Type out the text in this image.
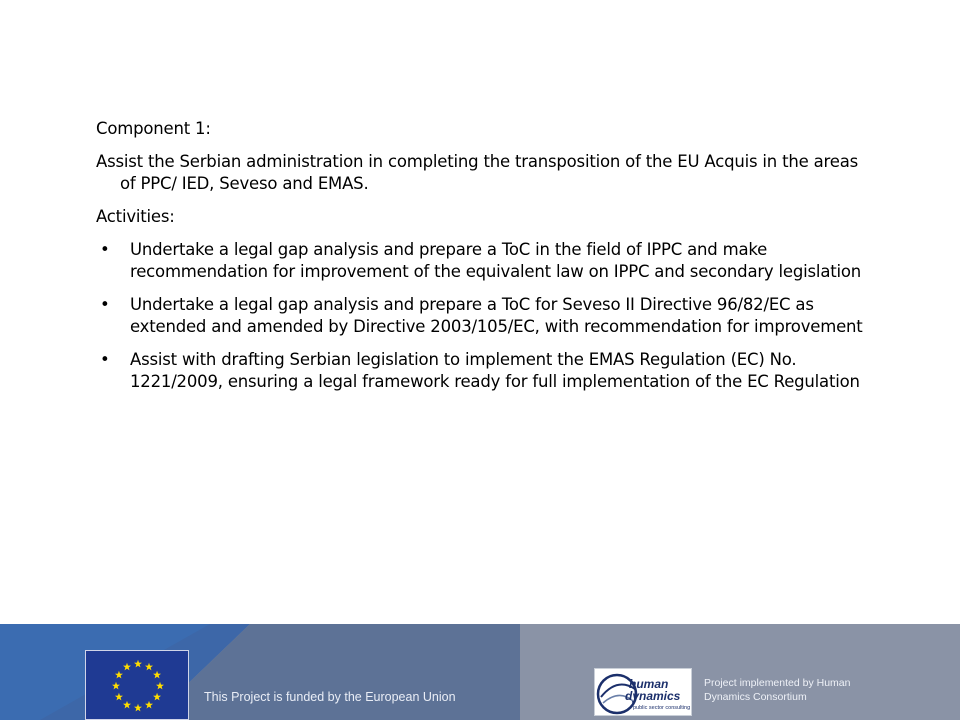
Component 1:

Assist the Serbian administration in completing the transposition of the EU Acquis in the areas of PPC/ IED, Seveso and EMAS.

Activities:

• Undertake a legal gap analysis and prepare a ToC in the field of IPPC and make recommendation for improvement of the equivalent law on IPPC and secondary legislation
• Undertake a legal gap analysis and prepare a ToC for Seveso II Directive 96/82/EC as extended and amended by Directive 2003/105/EC, with recommendation for improvement
• Assist with drafting Serbian legislation to implement the EMAS Regulation (EC) No. 1221/2009, ensuring a legal framework ready for full implementation of the EC Regulation
This Project is funded by the European Union
human
dynamics
public sector consulting
Project implemented by Human Dynamics Consortium
